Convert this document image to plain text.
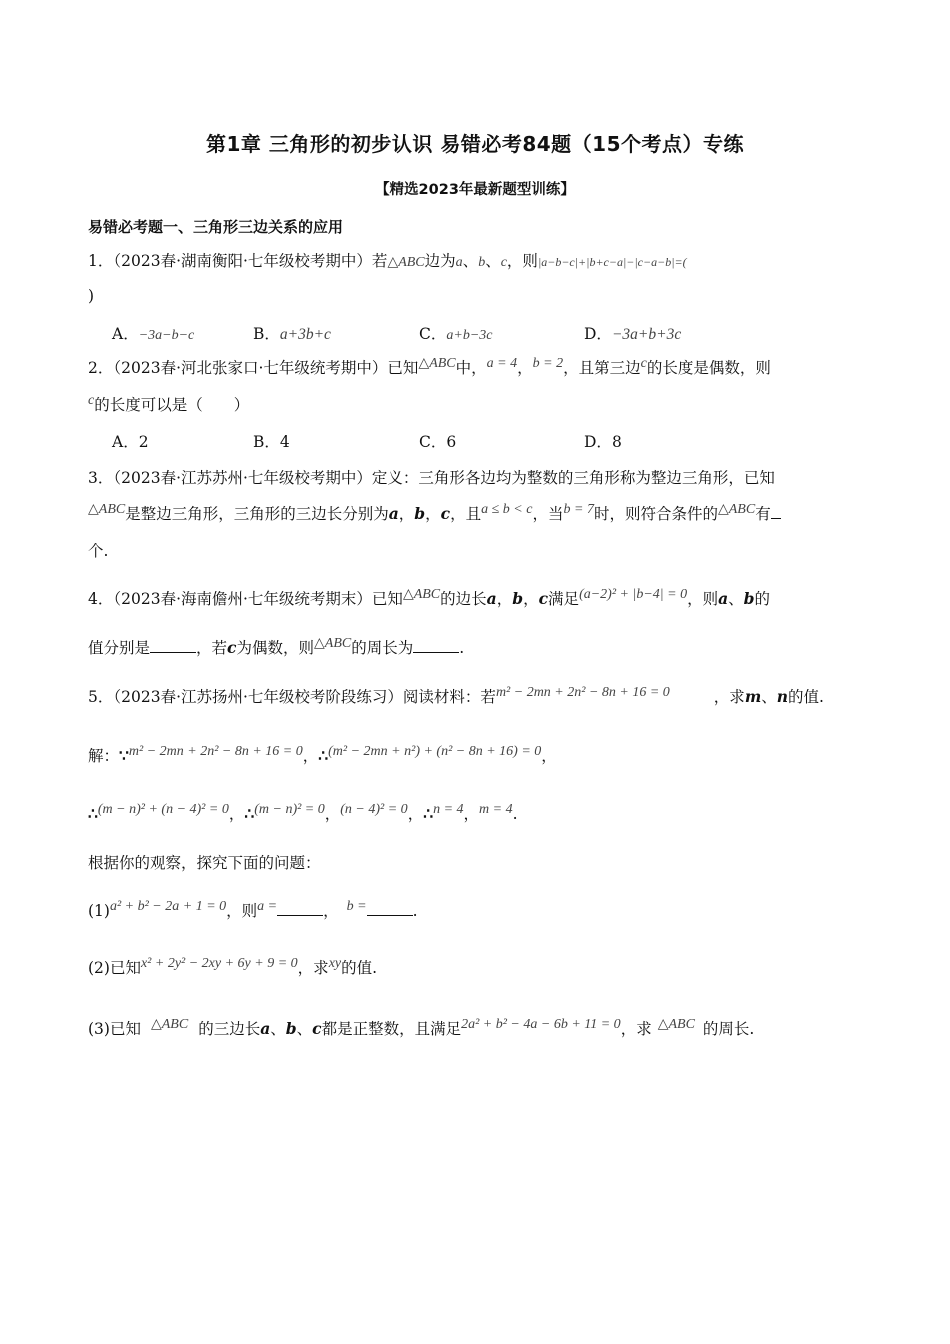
第1章 三角形的初步认识 易错必考84题（15个考点）专练
【精选2023年最新题型训练】
易错必考题一、三角形三边关系的应用
1．（2023春·湖南衡阳·七年级校考期中）若△ABC边为a、b、c，则|a−b−c|+|b+c−a|−|c−a−b|=(
)
A．−3a−b−c	B．a+3b+c	C．a+b−3c	D．−3a+b+3c
2．（2023春·河北张家口·七年级统考期中）已知△ABC中，a = 4，b = 2，且第三边c的长度是偶数，则
c的长度可以是（　　）
A．2	B．4	C．6	D．8
3．（2023春·江苏苏州·七年级校考期中）定义：三角形各边均为整数的三角形称为整边三角形，已知
△ABC是整边三角形，三角形的三边长分别为a，b，c，且a ≤ b < c，当b = 7时，则符合条件的△ABC有
个.
4．（2023春·海南儋州·七年级统考期末）已知△ABC的边长a，b，c满足(a−2)² + |b−4| = 0，则a、b的
值分别是	，若c为偶数，则△ABC的周长为	.
5．（2023春·江苏扬州·七年级校考阶段练习）阅读材料：若m² − 2mn + 2n² − 8n + 16 = 0	，求m、n的值.
解：∵m² − 2mn + 2n² − 8n + 16 = 0，∴(m² − 2mn + n²) + (n² − 8n + 16) = 0，
∴(m − n)² + (n − 4)² = 0，∴(m − n)² = 0，(n − 4)² = 0，∴n = 4，m = 4.
根据你的观察，探究下面的问题：
(1)a² + b² − 2a + 1 = 0，则a =	， b =	.
(2)已知x² + 2y² − 2xy + 6y + 9 = 0，求xy的值.
(3)已知 △ABC 的三边长a、b、c都是正整数，且满足2a² + b² − 4a − 6b + 11 = 0，求 △ABC 的周长.
